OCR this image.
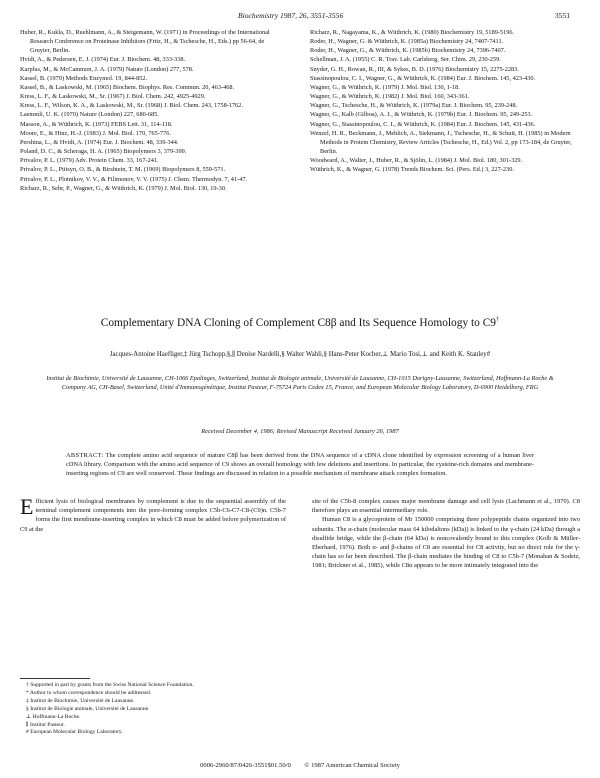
Biochemistry 1987, 26, 3551-3556	3551
Huber, R., Kukla, D., Ruehlmann, A., & Steigemann, W. (1971) in Proceedings of the International Research Conference on Proteinase Inhibitors (Fritz, H., & Tschesche, H., Eds.) pp 56-64, de Gruyter, Berlin.
Hvidt, A., & Pedersen, E. J. (1974) Eur. J. Biochem. 48, 333-338.
Karplus, M., & McCammon, J. A. (1979) Nature (London) 277, 578.
Kassel, B. (1970) Methods Enzymol. 19, 844-852.
Kassel, B., & Laskowski, M. (1965) Biochem. Biophys. Res. Commun. 20, 463-468.
Kress, L. F., & Laskowski, M., Sr. (1967) J. Biol. Chem. 242, 4925-4929.
Kress, L. F., Wilson, K. A., & Laskowski, M., Sr. (1968) J. Biol. Chem. 243, 1758-1762.
Laemmli, U. K. (1970) Nature (London) 227, 680-685.
Masson, A., & Wüthrich, K. (1973) FEBS Lett. 31, 114-118.
Moore, E., & Hinz, H.-J. (1983) J. Mol. Biol. 170, 765-776.
Pershina, L., & Hvidt, A. (1974) Eur. J. Biochem. 48, 339-344.
Poland, D. C., & Scheraga, H. A. (1965) Biopolymers 3, 379-399.
Privalov, P. L. (1979) Adv. Protein Chem. 33, 167-241.
Privalov, P. L., Ptitsyn, O. B., & Birshtein, T. M. (1969) Biopolymers 8, 559-571.
Privalov, P. L., Plotnikov, V. V., & Filimonov, V. V. (1975) J. Chem. Thermodyn. 7, 41-47.
Richarz, R., Sehr, P., Wagner, G., & Wüthrich, K. (1979) J. Mol. Biol. 130, 19-30.
Richarz, R., Nagayama, K., & Wüthrich, K. (1980) Biochemistry 19, 5189-5196.
Roder, H., Wagner, G. & Wüthrich, K. (1985a) Biochemistry 24, 7407-7411.
Roder, H., Wagner, G., & Wüthrich, K. (1985b) Biochemistry 24, 7396-7407.
Schellman, J. A. (1955) C. R. Trav. Lab. Carlsberg, Ser. Chim. 29, 230-259.
Snyder, G. H., Rowan, R., III, & Sykes, B. D. (1976) Biochemistry 15, 2275-2283.
Stassinopoulou, C. I., Wagner, G., & Wüthrich, K. (1984) Eur. J. Biochem. 145, 423-430.
Wagner, G., & Wüthrich, K. (1979) J. Mol. Biol. 130, 1-18.
Wagner, G., & Wüthrich, K. (1982) J. Mol. Biol. 160, 343-361.
Wagner, G., Tschesche, H., & Wüthrich, K. (1979a) Eur. J. Biochem. 95, 239-248.
Wagner, G., Kalb (Gilboa), A. J., & Wüthrich, K. (1979b) Eur. J. Biochem. 95, 249-253.
Wagner, G., Stassinopoulou, C. I., & Wüthrich, K. (1984) Eur. J. Biochem. 145, 431-436.
Wenzel, H. R., Beckmann, J., Mehlich, A., Siekmann, J., Tschesche, H., & Schutt, H. (1985) in Modern Methods in Protein Chemistry, Review Articles (Tschesche, H., Ed.) Vol. 2, pp 173-184, de Gruyter, Berlin.
Woodward, A., Walter, J., Huber, R., & Sjölin, L. (1984) J. Mol. Biol. 180, 301-329.
Wüthrich, K., & Wagner, G. (1978) Trends Biochem. Sci. (Pers. Ed.) 3, 227-230.
Complementary DNA Cloning of Complement C8β and Its Sequence Homology to C9†
Jacques-Antoine Haefliger,‡ Jürg Tschopp,§,∥ Denise Nardelli,§ Walter Wahli,§ Hans-Peter Kocher,⊥ Mario Tosi,⊥ and Keith K. Stanley#
Institut de Biochimie, Université de Lausanne, CH-1066 Epalinges, Switzerland, Institut de Biologie animale, Université de Lausanne, CH-1015 Dorigny-Lausanne, Switzerland, Hoffmann-La Roche & Company AG, CH-Basel, Switzerland, Unité d'Immunogénétique, Institut Pasteur, F-75724 Paris Cedex 15, France, and European Molecular Biology Laboratory, D-6900 Heidelberg, FRG
Received December 4, 1986; Revised Manuscript Received January 26, 1987
ABSTRACT: The complete amino acid sequence of mature C8β has been derived from the DNA sequence of a cDNA clone identified by expression screening of a human liver cDNA library. Comparison with the amino acid sequence of C9 shows an overall homology with few deletions and insertions. In particular, the cysteine-rich domains and membrane-inserting regions of C9 are well conserved. These findings are discussed in relation to a possible mechanism of membrane attack complex formation.
Efficient lysis of biological membranes by complement is due to the sequential assembly of the terminal complement components into the pore-forming complex C5b-C6-C7-C8-(C9)n. C5b-7 forms the first membrane-inserting complex in which C8 must be added before polymerization of C9 at the
site of the C5b-8 complex causes major membrane damage and cell lysis (Lachmann et al., 1970). C8 therefore plays an essential intermediary role.
Human C8 is a glycoprotein of Mr 150000 comprising three polypeptide chains organized into two subunits. The α-chain (molecular mass 64 kilodaltons (kDa)) is linked to the γ-chain (24 kDa) through a disulfide bridge, while the β-chain (64 kDa) is noncovalently bound to this complex (Kolb & Müller-Eberhard, 1976). Both α- and β-chains of C8 are essential for C8 activity, but no direct role for the γ-chain has so far been described. The β-chain mediates the binding of C8 to C5b-7 (Monahan & Sodetz, 1981; Brickner et al., 1985), while C8α appears to be more intimately integrated into the
† Supported in part by grants from the Swiss National Science Foundation.
* Author to whom correspondence should be addressed.
‡ Institut de Biochimie, Université de Lausanne.
§ Institut de Biologie animale, Université de Lausanne.
⊥ Hoffmann-La Roche.
∥ Institut Pasteur.
# European Molecular Biology Laboratory.
0006-2960/87/0426-3551$01.50/0 © 1987 American Chemical Society
